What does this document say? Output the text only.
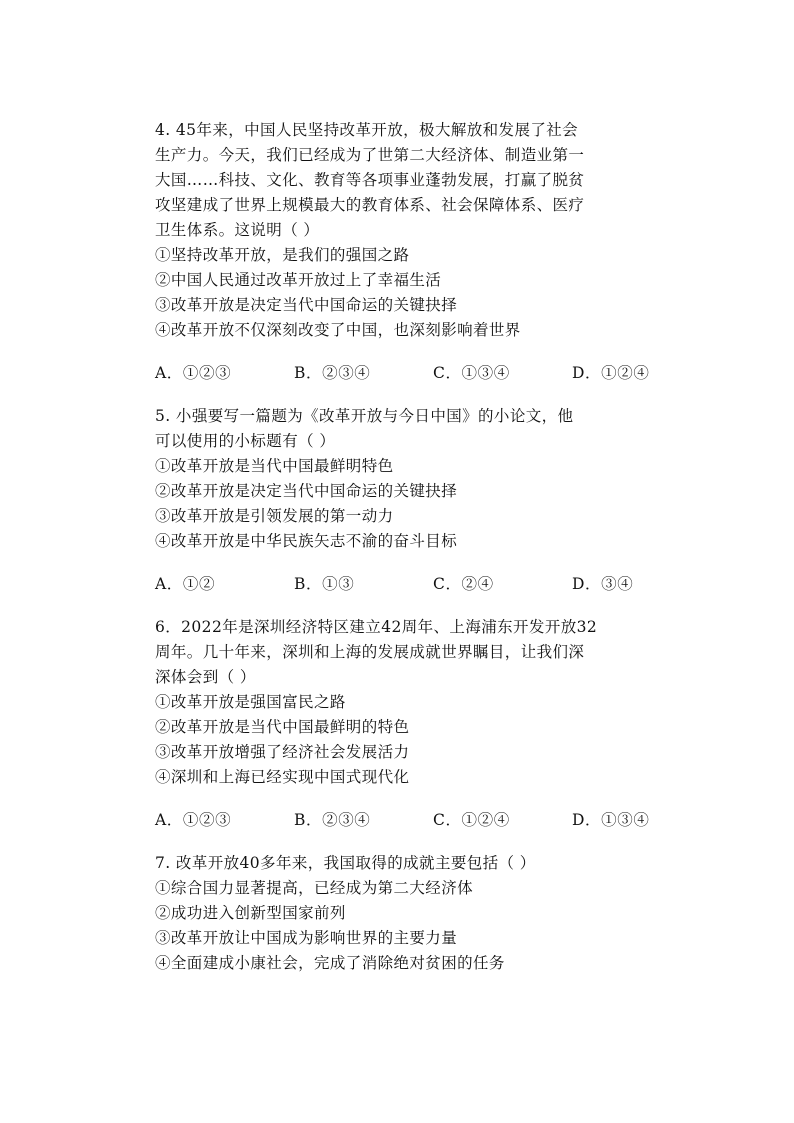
4. 45年来，中国人民坚持改革开放，极大解放和发展了社会
生产力。今天，我们已经成为了世第二大经济体、制造业第一
大国……科技、文化、教育等各项事业蓬勃发展，打赢了脱贫
攻坚建成了世界上规模最大的教育体系、社会保障体系、医疗
卫生体系。这说明（ ）
①坚持改革开放，是我们的强国之路
②中国人民通过改革开放过上了幸福生活
③改革开放是决定当代中国命运的关键抉择
④改革开放不仅深刻改变了中国，也深刻影响着世界
A．①②③	B．②③④	C．①③④	D．①②④
5. 小强要写一篇题为《改革开放与今日中国》的小论文，他
可以使用的小标题有（ ）
①改革开放是当代中国最鲜明特色
②改革开放是决定当代中国命运的关键抉择
③改革开放是引领发展的第一动力
④改革开放是中华民族矢志不渝的奋斗目标
A．①②	B．①③	C．②④	D．③④
6．2022年是深圳经济特区建立42周年、上海浦东开发开放32
周年。几十年来，深圳和上海的发展成就世界瞩目，让我们深
深体会到（ ）
①改革开放是强国富民之路
②改革开放是当代中国最鲜明的特色
③改革开放增强了经济社会发展活力
④深圳和上海已经实现中国式现代化
A．①②③	B．②③④	C．①②④	D．①③④
7. 改革开放40多年来，我国取得的成就主要包括（ ）
①综合国力显著提高，已经成为第二大经济体
②成功进入创新型国家前列
③改革开放让中国成为影响世界的主要力量
④全面建成小康社会，完成了消除绝对贫困的任务
